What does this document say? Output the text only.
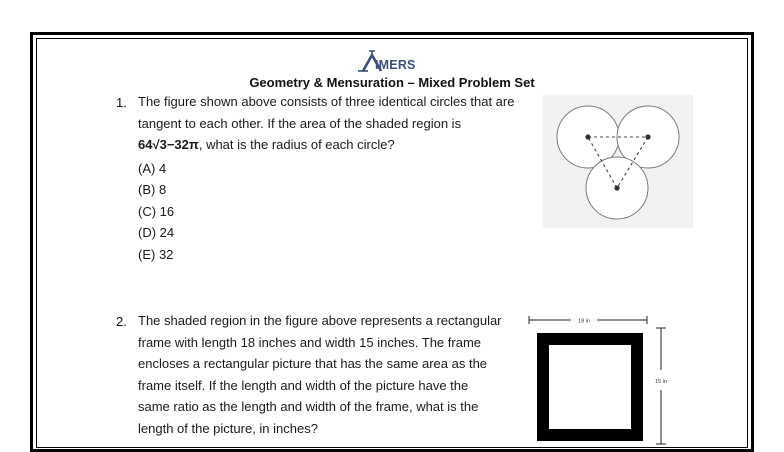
IMERS
Geometry & Mensuration – Mixed Problem Set
1. The figure shown above consists of three identical circles that are
tangent to each other. If the area of the shaded region is
64√3−32π, what is the radius of each circle?
(A) 4
(B) 8
(C) 16
(D) 24
(E) 32
2. The shaded region in the figure above represents a rectangular
frame with length 18 inches and width 15 inches. The frame
encloses a rectangular picture that has the same area as the
frame itself. If the length and width of the picture have the
same ratio as the length and width of the frame, what is the
length of the picture, in inches?
18 in
15 in
